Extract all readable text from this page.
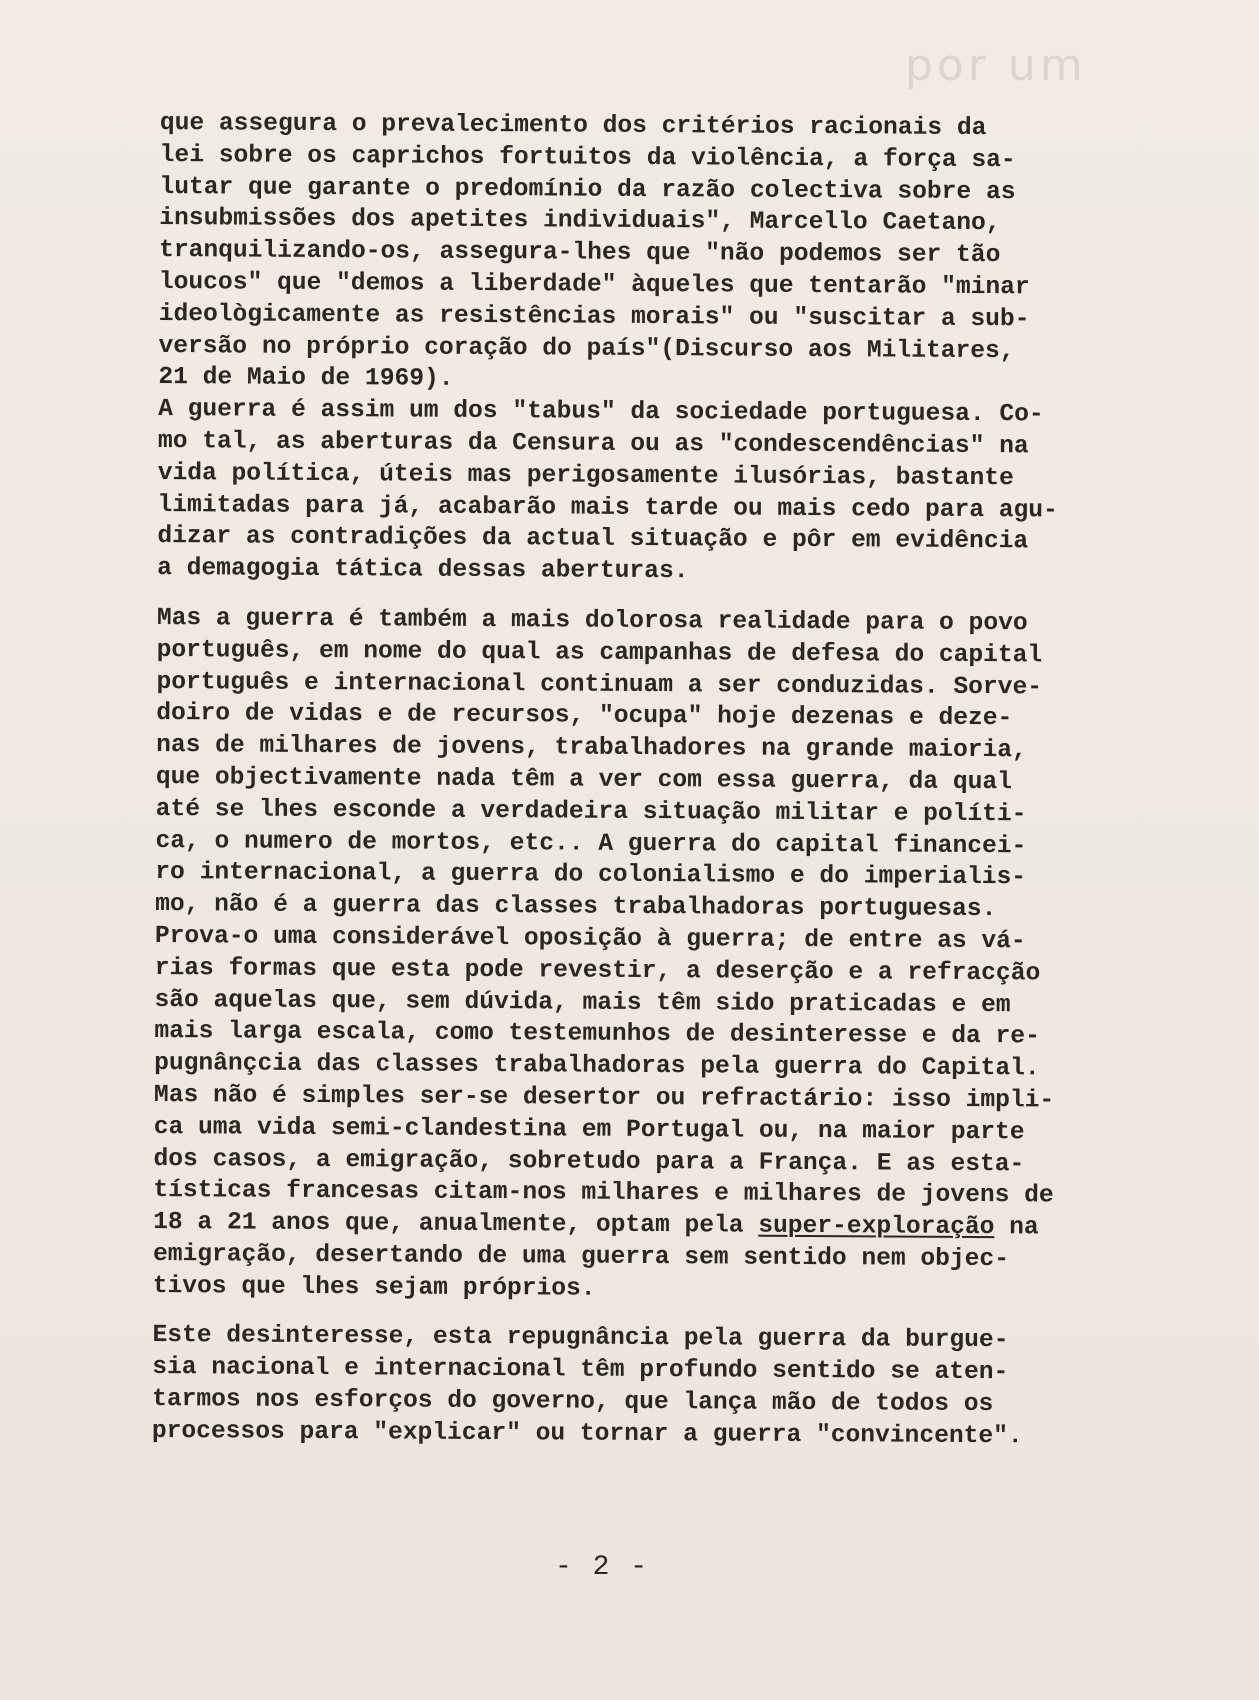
por um
que assegura o prevalecimento dos critérios racionais da
lei sobre os caprichos fortuitos da violência, a força sa-
lutar que garante o predomínio da razão colectiva sobre as
insubmissões dos apetites individuais", Marcello Caetano,
tranquilizando-os, assegura-lhes que "não podemos ser tão
loucos" que "demos a liberdade" àqueles que tentarão "minar
ideològicamente as resistências morais" ou "suscitar a sub-
versão no próprio coração do país"(Discurso aos Militares,
21 de Maio de 1969).
A guerra é assim um dos "tabus" da sociedade portuguesa. Co-
mo tal, as aberturas da Censura ou as "condescendências" na
vida política, úteis mas perigosamente ilusórias, bastante
limitadas para já, acabarão mais tarde ou mais cedo para agu-
dizar as contradições da actual situação e pôr em evidência
a demagogia tática dessas aberturas.
Mas a guerra é também a mais dolorosa realidade para o povo
português, em nome do qual as campanhas de defesa do capital
português e internacional continuam a ser conduzidas. Sorve-
doiro de vidas e de recursos, "ocupa" hoje dezenas e deze-
nas de milhares de jovens, trabalhadores na grande maioria,
que objectivamente nada têm a ver com essa guerra, da qual
até se lhes esconde a verdadeira situação militar e políti-
ca, o numero de mortos, etc.. A guerra do capital financei-
ro internacional, a guerra do colonialismo e do imperialis-
mo, não é a guerra das classes trabalhadoras portuguesas.
Prova-o uma considerável oposição à guerra; de entre as vá-
rias formas que esta pode revestir, a deserção e a refracção
são aquelas que, sem dúvida, mais têm sido praticadas e em
mais larga escala, como testemunhos de desinteresse e da re-
pugnânçcia das classes trabalhadoras pela guerra do Capital.
Mas não é simples ser-se desertor ou refractário: isso impli-
ca uma vida semi-clandestina em Portugal ou, na maior parte
dos casos, a emigração, sobretudo para a França. E as esta-
tísticas francesas citam-nos milhares e milhares de jovens de
18 a 21 anos que, anualmente, optam pela super-exploração na
emigração, desertando de uma guerra sem sentido nem objec-
tivos que lhes sejam próprios.
Este desinteresse, esta repugnância pela guerra da burgue-
sia nacional e internacional têm profundo sentido se aten-
tarmos nos esforços do governo, que lança mão de todos os
processos para "explicar" ou tornar a guerra "convincente".
- 2 -
